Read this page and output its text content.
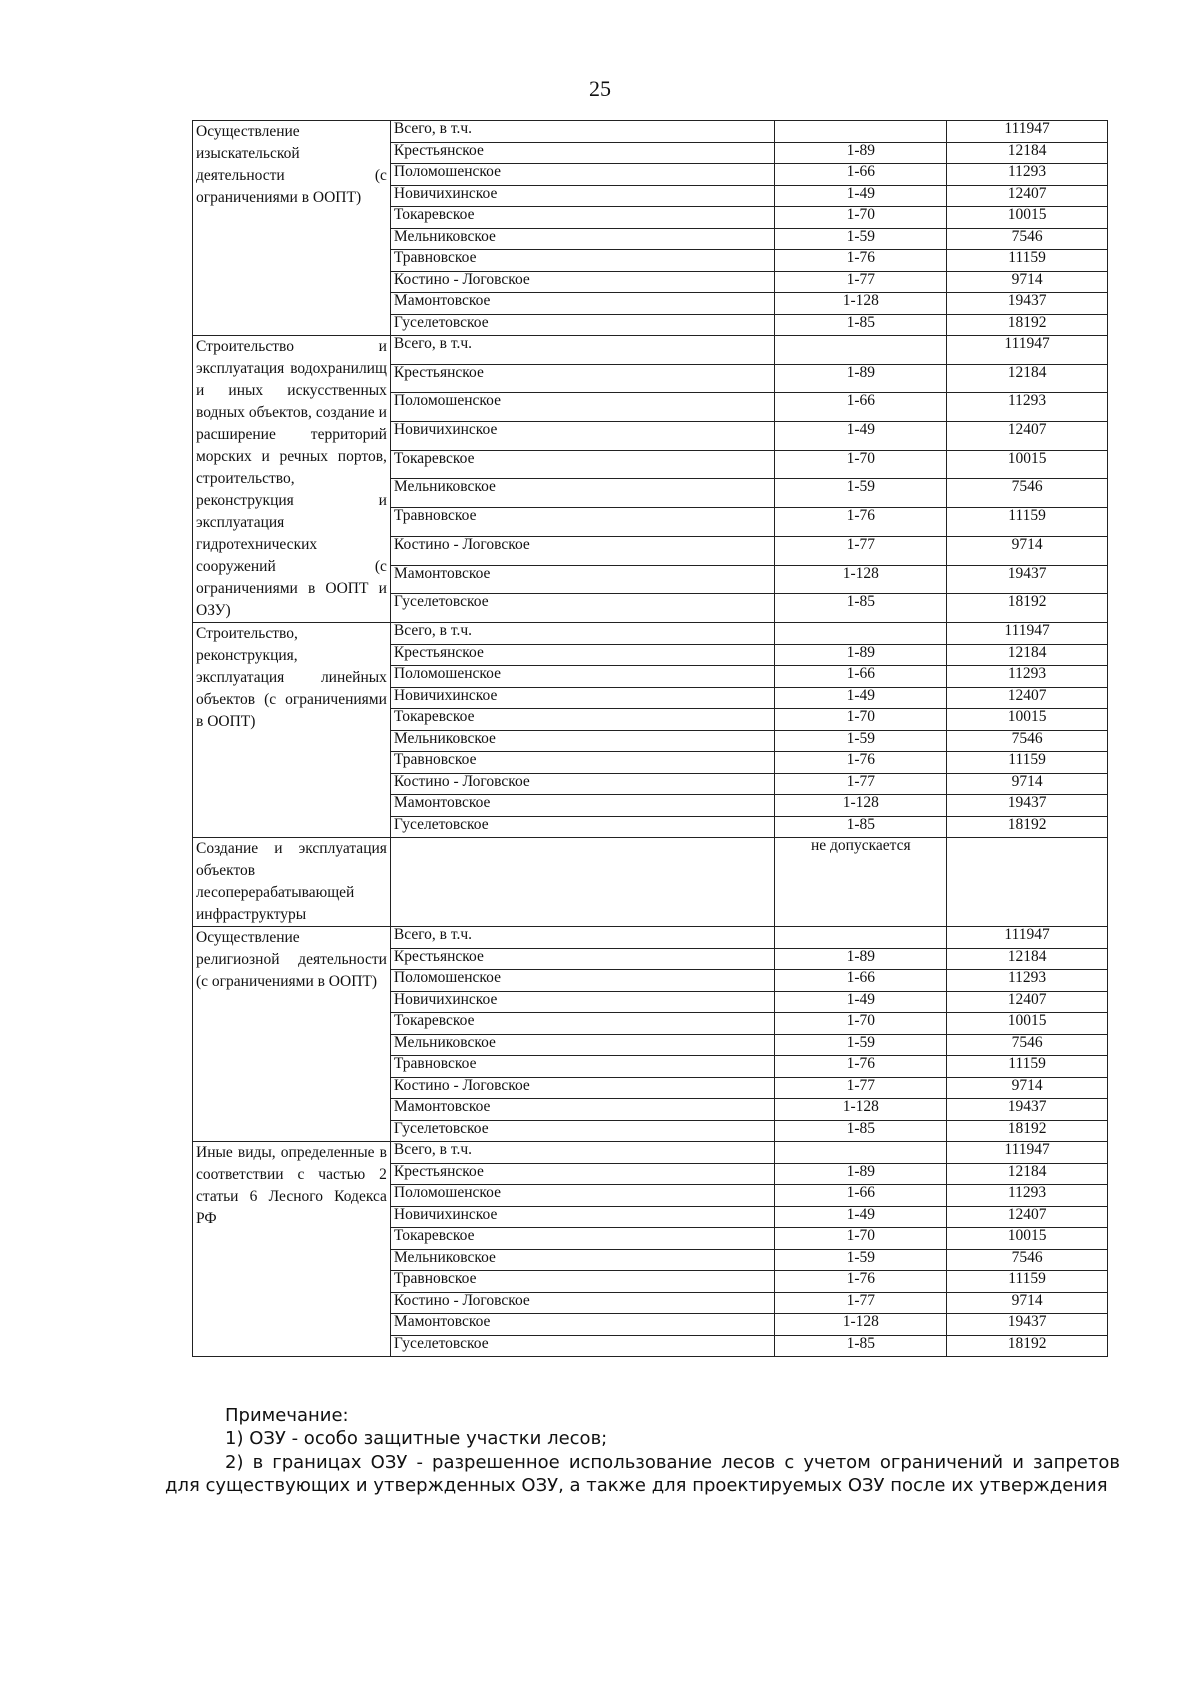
25
Осуществление изыскательской деятельности (с ограничениями в ООПТ)	Всего, в т.ч.		111947
	Крестьянское	1-89	12184
	Поломошенское	1-66	11293
	Новичихинское	1-49	12407
	Токаревское	1-70	10015
	Мельниковское	1-59	7546
	Травновское	1-76	11159
	Костино - Логовское	1-77	9714
	Мамонтовское	1-128	19437
	Гуселетовское	1-85	18192
Строительство и эксплуатация водохранилищ и иных искусственных водных объектов, создание и расширение территорий морских и речных портов, строительство, реконструкция и эксплуатация гидротехнических сооружений (с ограничениями в ООПТ и ОЗУ)	Всего, в т.ч.		111947
	Крестьянское	1-89	12184
	Поломошенское	1-66	11293
	Новичихинское	1-49	12407
	Токаревское	1-70	10015
	Мельниковское	1-59	7546
	Травновское	1-76	11159
	Костино - Логовское	1-77	9714
	Мамонтовское	1-128	19437
	Гуселетовское	1-85	18192
Строительство, реконструкция, эксплуатация линейных объектов (с ограничениями в ООПТ)	Всего, в т.ч.		111947
	Крестьянское	1-89	12184
	Поломошенское	1-66	11293
	Новичихинское	1-49	12407
	Токаревское	1-70	10015
	Мельниковское	1-59	7546
	Травновское	1-76	11159
	Костино - Логовское	1-77	9714
	Мамонтовское	1-128	19437
	Гуселетовское	1-85	18192
Создание и эксплуатация объектов лесоперерабатывающей инфраструктуры		не допускается	
Осуществление религиозной деятельности (с ограничениями в ООПТ)	Всего, в т.ч.		111947
	Крестьянское	1-89	12184
	Поломошенское	1-66	11293
	Новичихинское	1-49	12407
	Токаревское	1-70	10015
	Мельниковское	1-59	7546
	Травновское	1-76	11159
	Костино - Логовское	1-77	9714
	Мамонтовское	1-128	19437
	Гуселетовское	1-85	18192
Иные виды, определенные в соответствии с частью 2 статьи 6 Лесного Кодекса РФ	Всего, в т.ч.		111947
	Крестьянское	1-89	12184
	Поломошенское	1-66	11293
	Новичихинское	1-49	12407
	Токаревское	1-70	10015
	Мельниковское	1-59	7546
	Травновское	1-76	11159
	Костино - Логовское	1-77	9714
	Мамонтовское	1-128	19437
	Гуселетовское	1-85	18192

Примечание:

1) ОЗУ - особо защитные участки лесов;

2) в границах ОЗУ - разрешенное использование лесов с учетом ограничений и запретов для существующих и утвержденных ОЗУ, а также для проектируемых ОЗУ после их утверждения
